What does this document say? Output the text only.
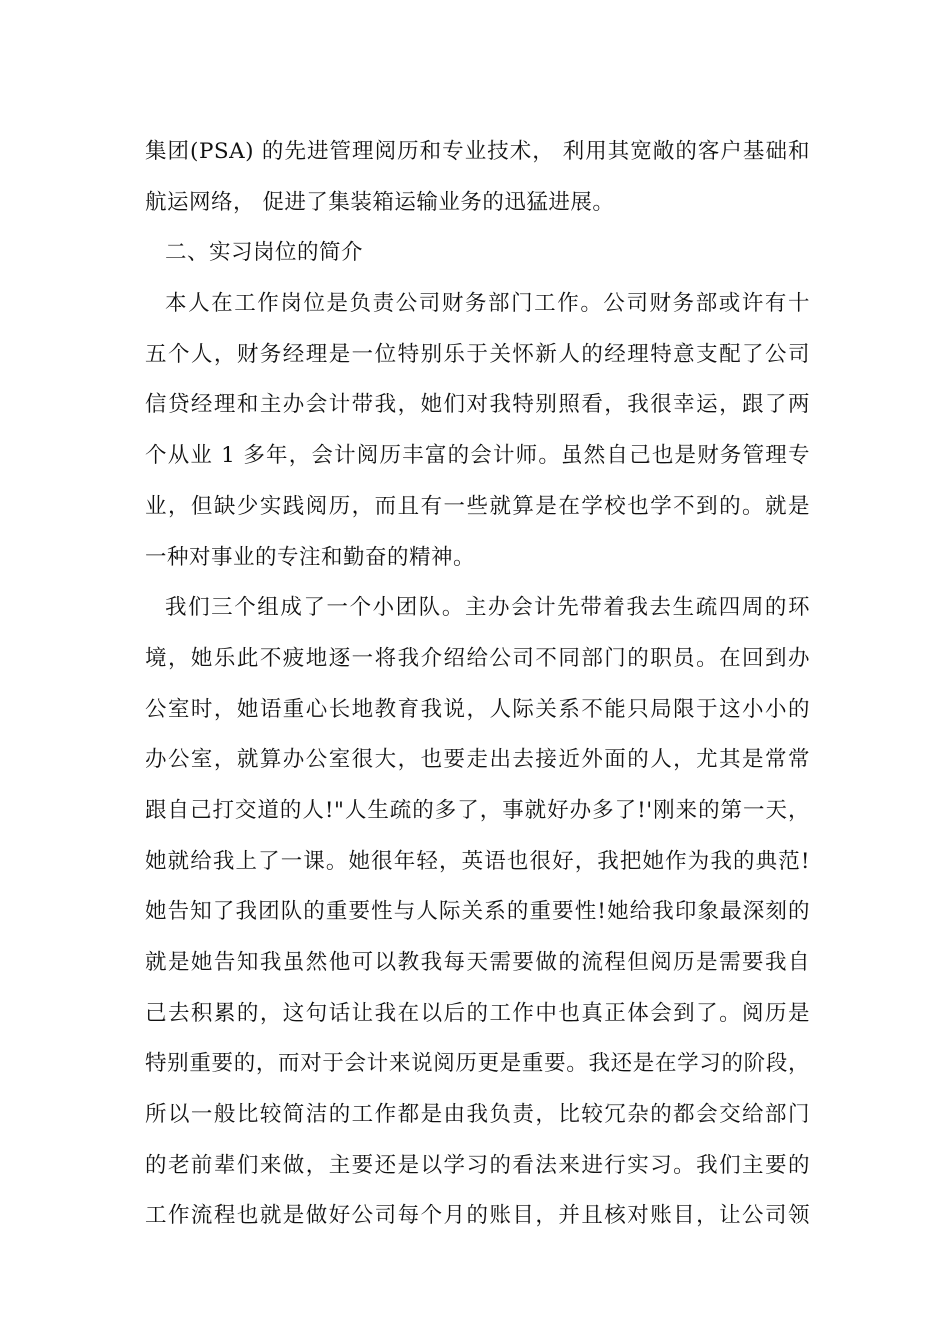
集团(PSA) 的先进管理阅历和专业技术， 利用其宽敞的客户基础和
航运网络， 促进了集装箱运输业务的迅猛进展。
二、实习岗位的简介
本人在工作岗位是负责公司财务部门工作。公司财务部或许有十
五个人，财务经理是一位特别乐于关怀新人的经理特意支配了公司
信贷经理和主办会计带我，她们对我特别照看，我很幸运，跟了两
个从业 1 多年，会计阅历丰富的会计师。虽然自己也是财务管理专
业，但缺少实践阅历，而且有一些就算是在学校也学不到的。就是
一种对事业的专注和勤奋的精神。
我们三个组成了一个小团队。主办会计先带着我去生疏四周的环
境，她乐此不疲地逐一将我介绍给公司不同部门的职员。在回到办
公室时，她语重心长地教育我说，人际关系不能只局限于这小小的
办公室，就算办公室很大，也要走出去接近外面的人，尤其是常常
跟自己打交道的人!"人生疏的多了，事就好办多了!'刚来的第一天，
她就给我上了一课。她很年轻，英语也很好，我把她作为我的典范!
她告知了我团队的重要性与人际关系的重要性!她给我印象最深刻的
就是她告知我虽然他可以教我每天需要做的流程但阅历是需要我自
己去积累的，这句话让我在以后的工作中也真正体会到了。阅历是
特别重要的，而对于会计来说阅历更是重要。我还是在学习的阶段，
所以一般比较简洁的工作都是由我负责，比较冗杂的都会交给部门
的老前辈们来做，主要还是以学习的看法来进行实习。我们主要的
工作流程也就是做好公司每个月的账目，并且核对账目，让公司领
